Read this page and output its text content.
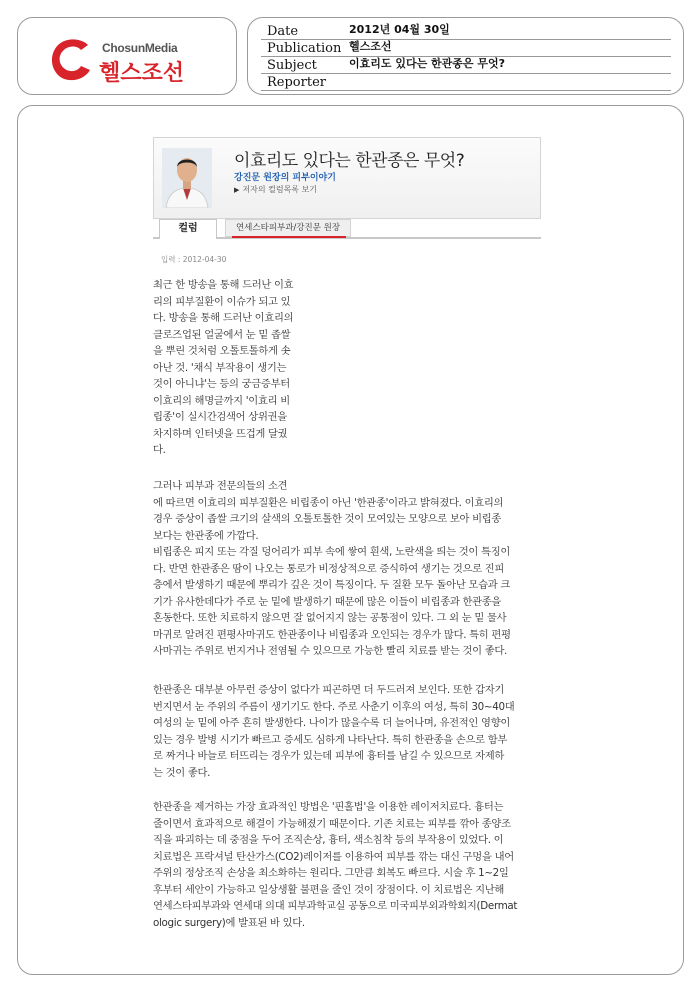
ChosunMedia
헬스조선
Date	2012년 04월 30일
Publication 헬스조선
Subject	이효리도 있다는 한관종은 무엇?
Reporter
이효리도 있다는 한관종은 무엇?
강진문 원장의 피부이야기
▶ 저자의 컬럼목록 보기
컬럼	연세스타피부과/강진문 원장
입력 : 2012-04-30
최근 한 방송을 통해 드러난 이효
리의 피부질환이 이슈가 되고 있
다. 방송을 통해 드러난 이효리의
클로즈업된 얼굴에서 눈 밑 좁쌀
을 뿌린 것처럼 오톨토톨하게 솟
아난 것. '채식 부작용이 생기는
것이 아니냐'는 등의 궁금증부터
이효리의 해명글까지 '이효리 비
립종'이 실시간검색어 상위권을
차지하며 인터넷을 뜨겁게 달궜
다.
그러나 피부과 전문의들의 소견
에 따르면 이효리의 피부질환은 비립종이 아닌 '한관종'이라고 밝혀졌다. 이효리의
경우 증상이 좁쌀 크기의 살색의 오톨토톨한 것이 모여있는 모양으로 보아 비립종
보다는 한관종에 가깝다.
비립종은 피지 또는 각질 덩어리가 피부 속에 쌓여 흰색, 노란색을 띄는 것이 특징이
다. 반면 한관종은 땀이 나오는 통로가 비정상적으로 증식하여 생기는 것으로 진피
층에서 발생하기 때문에 뿌리가 깊은 것이 특징이다. 두 질환 모두 돌아난 모습과 크
기가 유사한데다가 주로 눈 밑에 발생하기 때문에 많은 이들이 비립종과 한관종을
혼동한다. 또한 치료하지 않으면 잘 없어지지 않는 공통점이 있다. 그 외 눈 밑 물사
마귀로 알려진 편평사마귀도 한관종이나 비립종과 오인되는 경우가 많다. 특히 편평
사마귀는 주위로 번지거나 전염될 수 있으므로 가능한 빨리 치료를 받는 것이 좋다.
한관종은 대부분 아무런 증상이 없다가 피곤하면 더 두드러져 보인다. 또한 갑자기
번지면서 눈 주위의 주름이 생기기도 한다. 주로 사춘기 이후의 여성, 특히 30~40대
여성의 눈 밑에 아주 흔히 발생한다. 나이가 많을수록 더 늘어나며, 유전적인 영향이
있는 경우 발병 시기가 빠르고 증세도 심하게 나타난다. 특히 한관종을 손으로 함부
로 짜거나 바늘로 터뜨리는 경우가 있는데 피부에 흉터를 남길 수 있으므로 자제하
는 것이 좋다.
한관종을 제거하는 가장 효과적인 방법은 '핀홀법'을 이용한 레이저치료다. 흉터는
줄이면서 효과적으로 해결이 가능해졌기 때문이다. 기존 치료는 피부를 깎아 종양조
직을 파괴하는 데 중점을 두어 조직손상, 흉터, 색소침착 등의 부작용이 있었다. 이
치료법은 프락셔널 탄산가스(CO2)레이저를 이용하여 피부를 깎는 대신 구멍을 내어
주위의 정상조직 손상을 최소화하는 원리다. 그만큼 회복도 빠르다. 시술 후 1~2일
후부터 세안이 가능하고 일상생활 불편을 줄인 것이 장점이다. 이 치료법은 지난해
연세스타피부과와 연세대 의대 피부과학교실 공동으로 미국피부외과학회지(Dermat
ologic surgery)에 발표된 바 있다.
